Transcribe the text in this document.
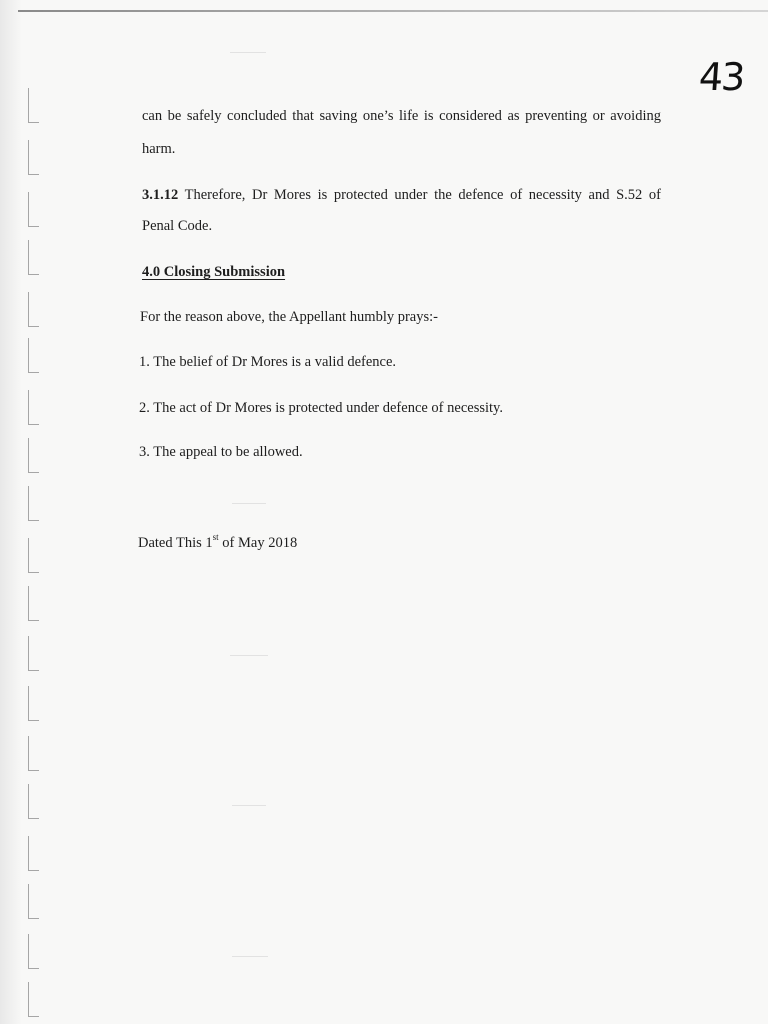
43
can be safely concluded that saving one’s life is considered as preventing or avoiding
harm.
3.1.12 Therefore, Dr Mores is protected under the defence of necessity and S.52 of
Penal Code.
4.0 Closing Submission
For the reason above, the Appellant humbly prays:-
1. The belief of Dr Mores is a valid defence.
2. The act of Dr Mores is protected under defence of necessity.
3. The appeal to be allowed.
Dated This 1st of May 2018
